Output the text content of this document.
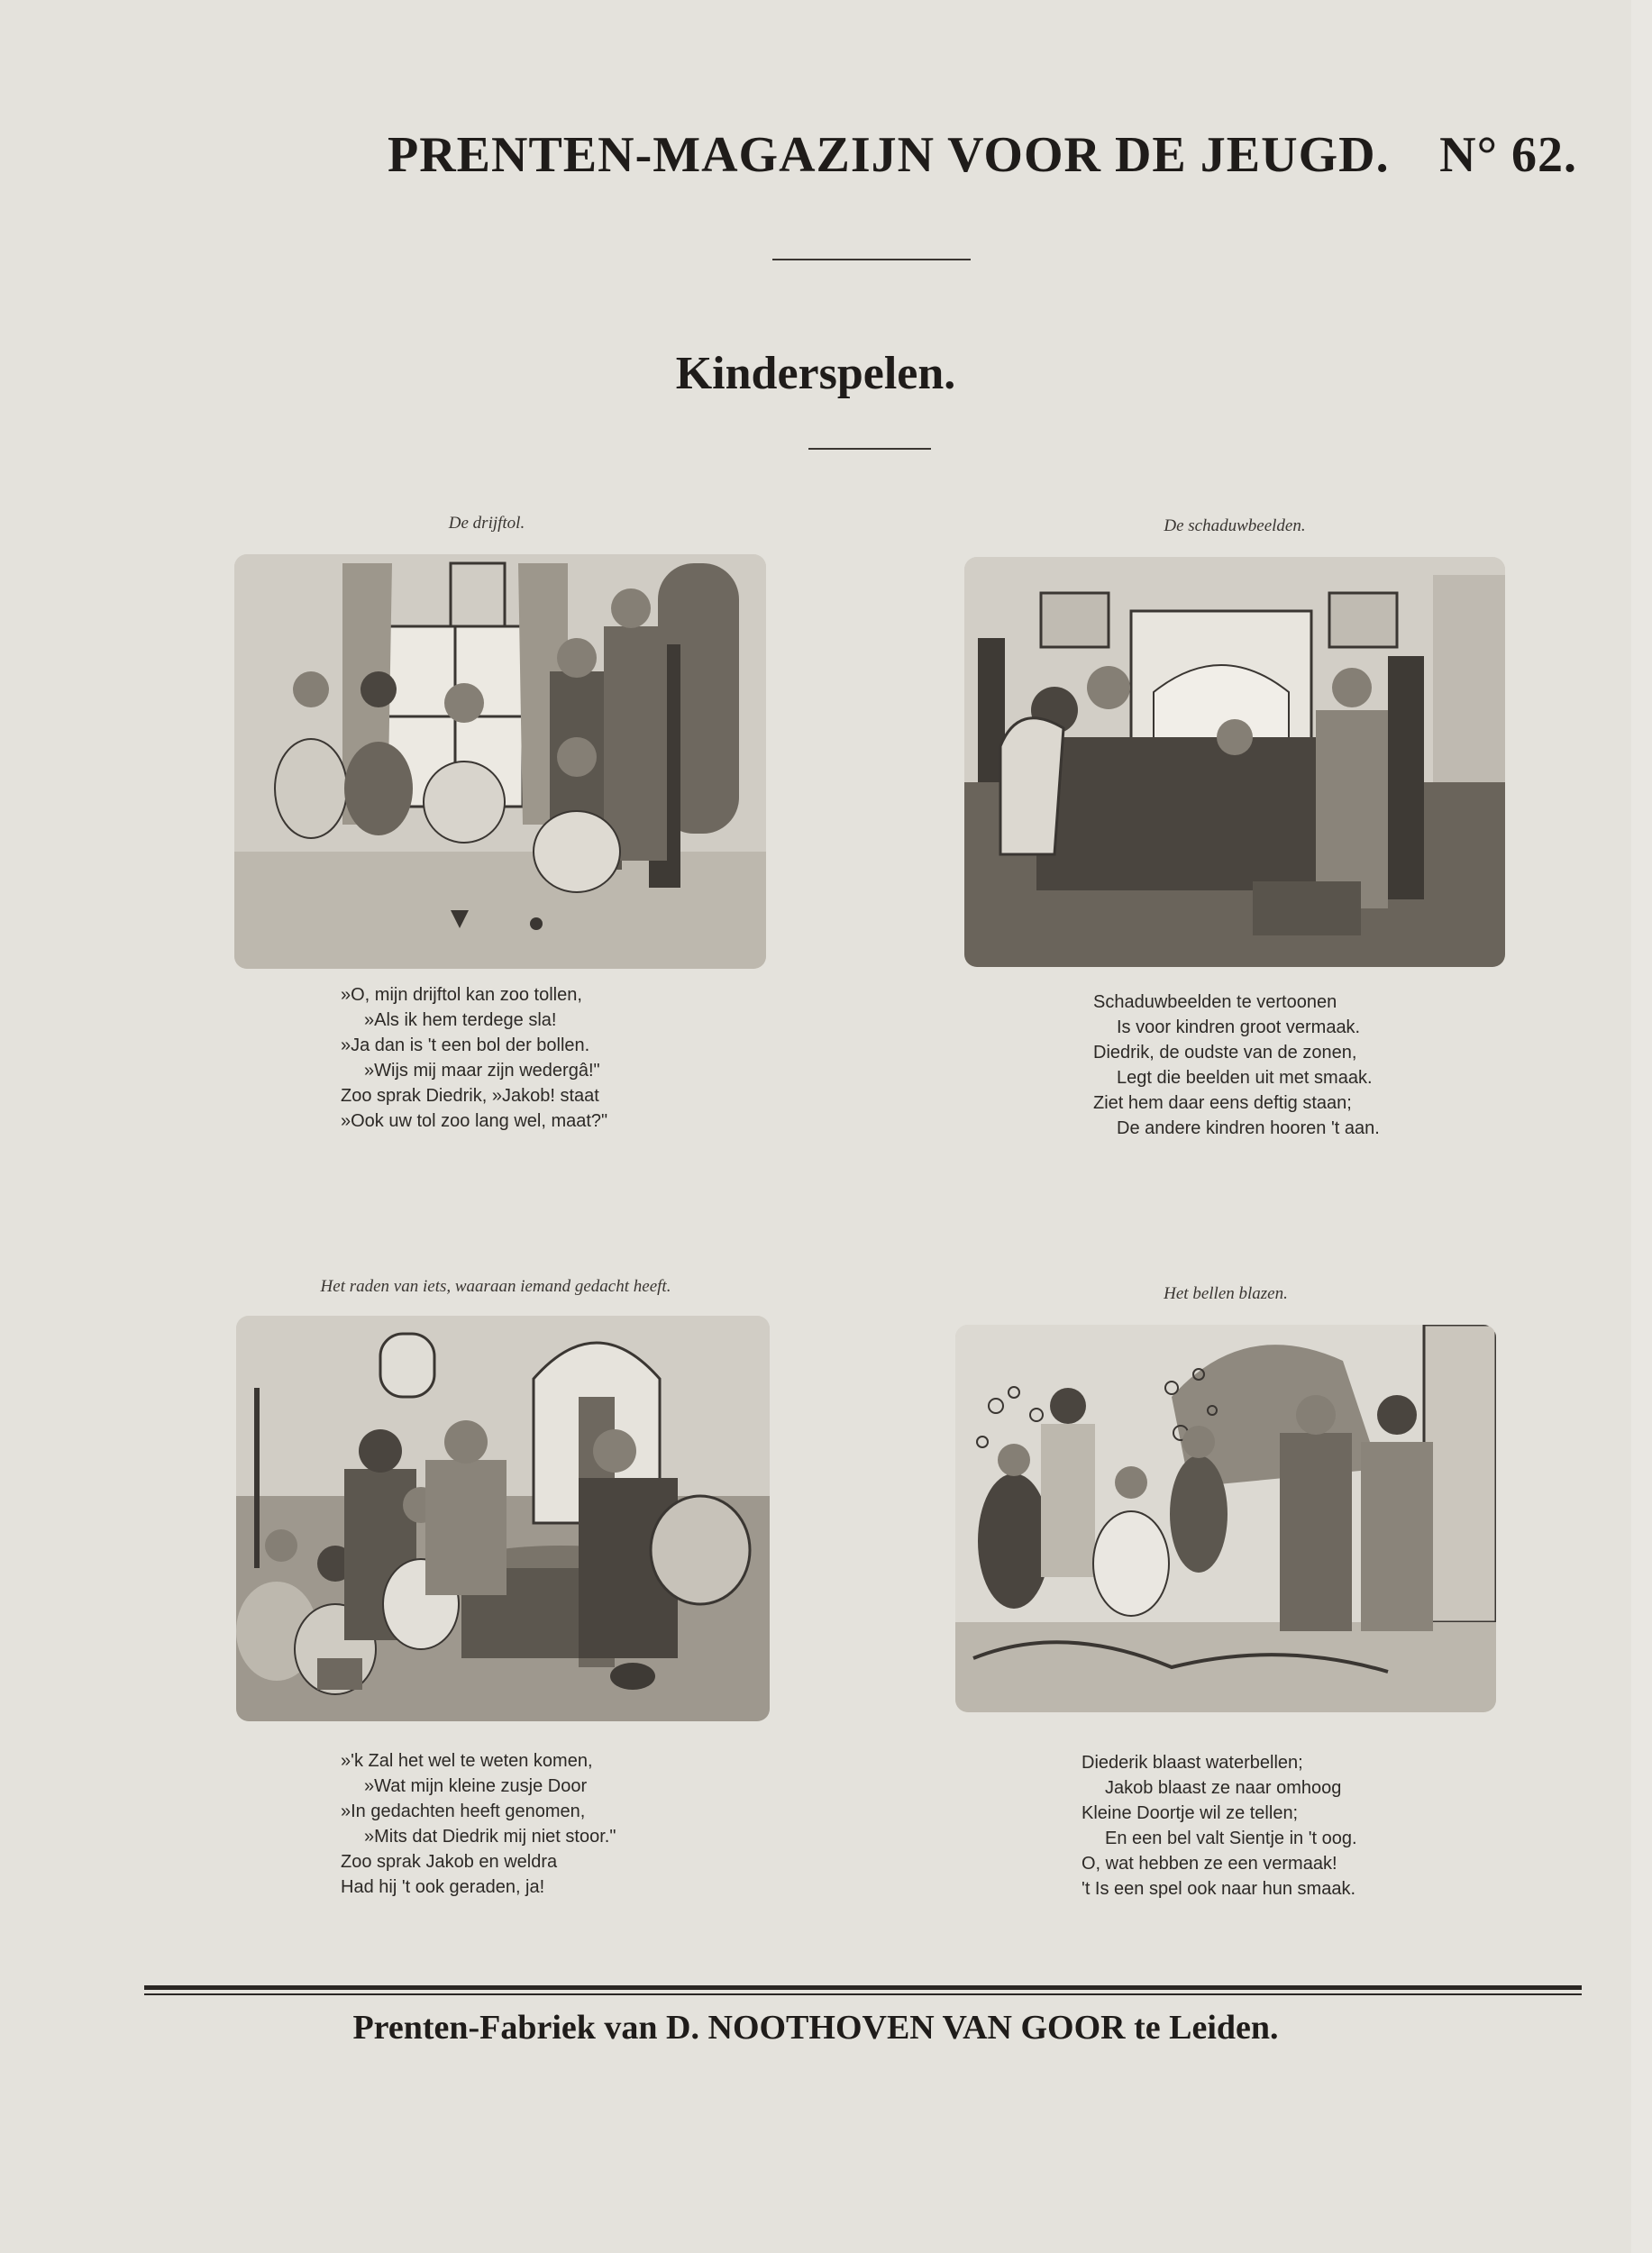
PRENTEN-MAGAZIJN VOOR DE JEUGD. N° 62.
Kinderspelen.
De drijftol.
»O, mijn drijftol kan zoo tollen,
»Als ik hem terdege sla!
»Ja dan is 't een bol der bollen.
»Wijs mij maar zijn wedergâ!"
Zoo sprak Diedrik, »Jakob! staat
»Ook uw tol zoo lang wel, maat?"
De schaduwbeelden.
Schaduwbeelden te vertoonen
Is voor kindren groot vermaak.
Diedrik, de oudste van de zonen,
Legt die beelden uit met smaak.
Ziet hem daar eens deftig staan;
De andere kindren hooren 't aan.
Het raden van iets, waaraan iemand gedacht heeft.
»'k Zal het wel te weten komen,
»Wat mijn kleine zusje Door
»In gedachten heeft genomen,
»Mits dat Diedrik mij niet stoor."
Zoo sprak Jakob en weldra
Had hij 't ook geraden, ja!
Het bellen blazen.
Diederik blaast waterbellen;
Jakob blaast ze naar omhoog
Kleine Doortje wil ze tellen;
En een bel valt Sientje in 't oog.
O, wat hebben ze een vermaak!
't Is een spel ook naar hun smaak.
Prenten-Fabriek van D. NOOTHOVEN VAN GOOR te Leiden.
